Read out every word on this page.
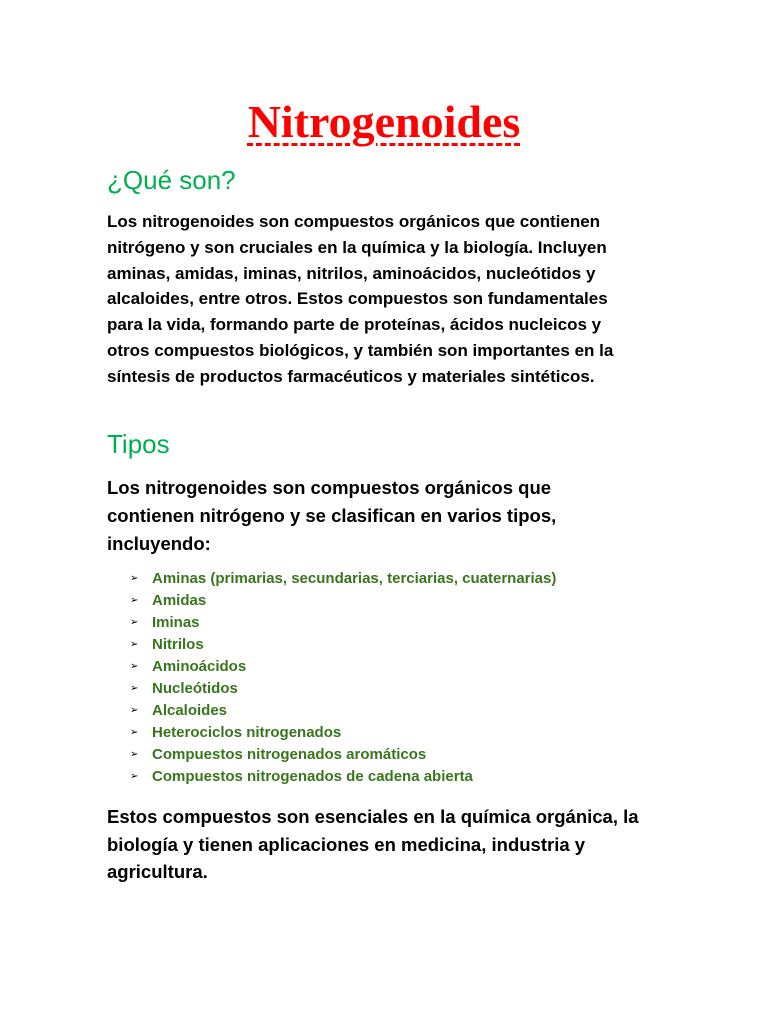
Nitrogenoides
¿Qué son?

Los nitrogenoides son compuestos orgánicos que contienen nitrógeno y son cruciales en la química y la biología. Incluyen aminas, amidas, iminas, nitrilos, aminoácidos, nucleótidos y alcaloides, entre otros. Estos compuestos son fundamentales para la vida, formando parte de proteínas, ácidos nucleicos y otros compuestos biológicos, y también son importantes en la síntesis de productos farmacéuticos y materiales sintéticos.

Tipos

Los nitrogenoides son compuestos orgánicos que contienen nitrógeno y se clasifican en varios tipos, incluyendo:

➢ Aminas (primarias, secundarias, terciarias, cuaternarias)
➢ Amidas
➢ Iminas
➢ Nitrilos
➢ Aminoácidos
➢ Nucleótidos
➢ Alcaloides
➢ Heterociclos nitrogenados
➢ Compuestos nitrogenados aromáticos
➢ Compuestos nitrogenados de cadena abierta

Estos compuestos son esenciales en la química orgánica, la biología y tienen aplicaciones en medicina, industria y agricultura.
